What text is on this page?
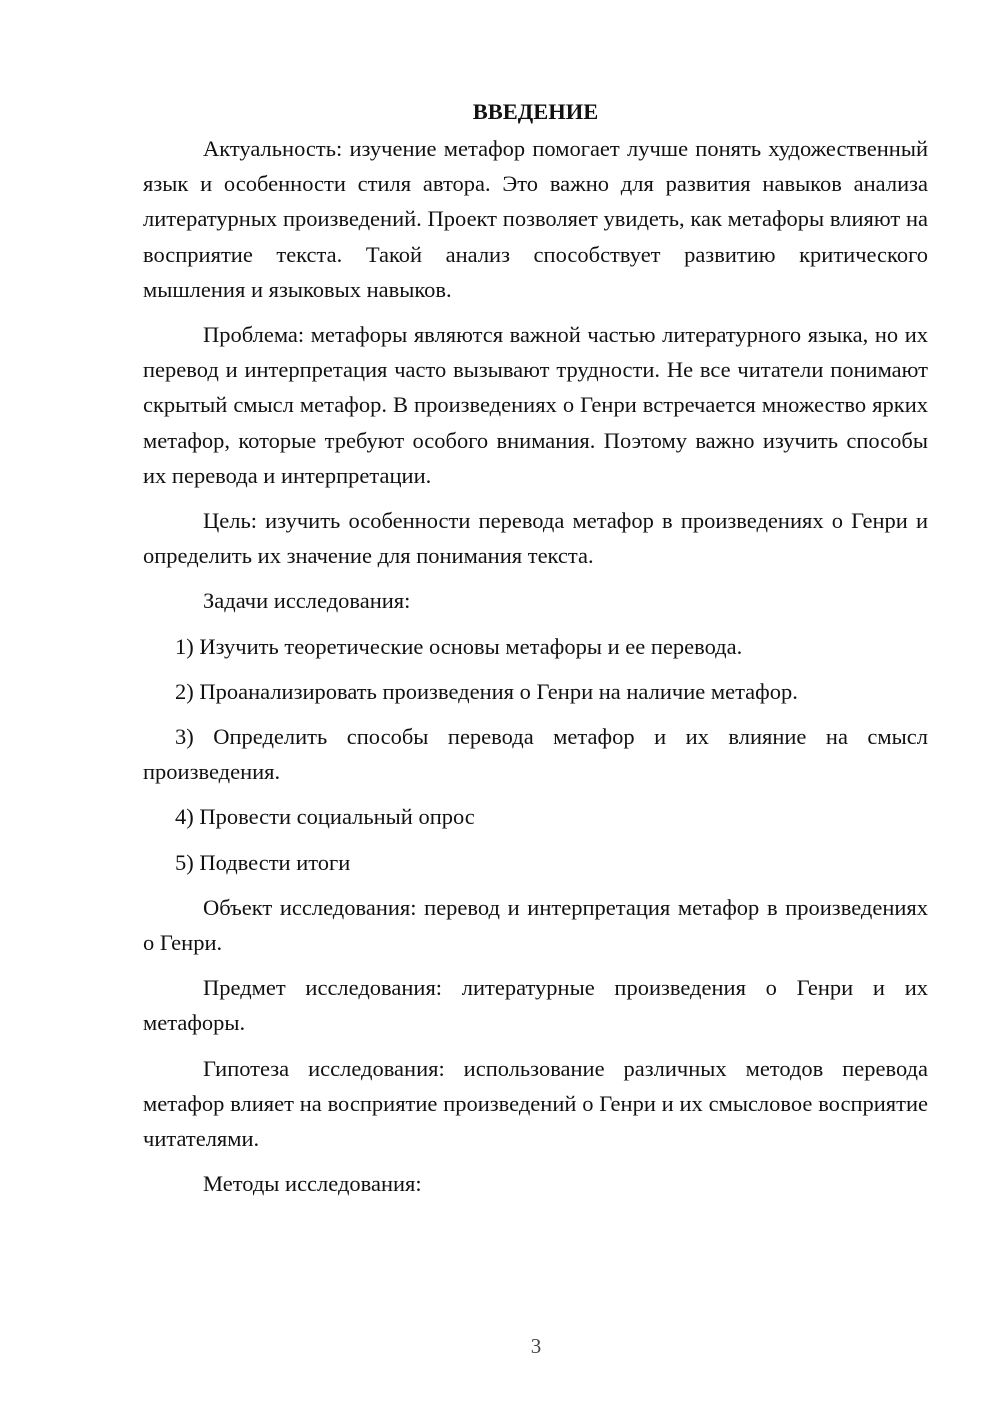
ВВЕДЕНИЕ

Актуальность: изучение метафор помогает лучше понять художественный язык и особенности стиля автора. Это важно для развития навыков анализа литературных произведений. Проект позволяет увидеть, как метафоры влияют на восприятие текста. Такой анализ способствует развитию критического мышления и языковых навыков.

Проблема: метафоры являются важной частью литературного языка, но их перевод и интерпретация часто вызывают трудности. Не все читатели понимают скрытый смысл метафор. В произведениях о Генри встречается множество ярких метафор, которые требуют особого внимания. Поэтому важно изучить способы их перевода и интерпретации.

Цель: изучить особенности перевода метафор в произведениях о Генри и определить их значение для понимания текста.

Задачи исследования:

1) Изучить теоретические основы метафоры и ее перевода.

2) Проанализировать произведения о Генри на наличие метафор.

3) Определить способы перевода метафор и их влияние на смысл произведения.

4) Провести социальный опрос

5) Подвести итоги

Объект исследования: перевод и интерпретация метафор в произведениях о Генри.

Предмет исследования: литературные произведения о Генри и их метафоры.

Гипотеза исследования: использование различных методов перевода метафор влияет на восприятие произведений о Генри и их смысловое восприятие читателями.

Методы исследования:

3
